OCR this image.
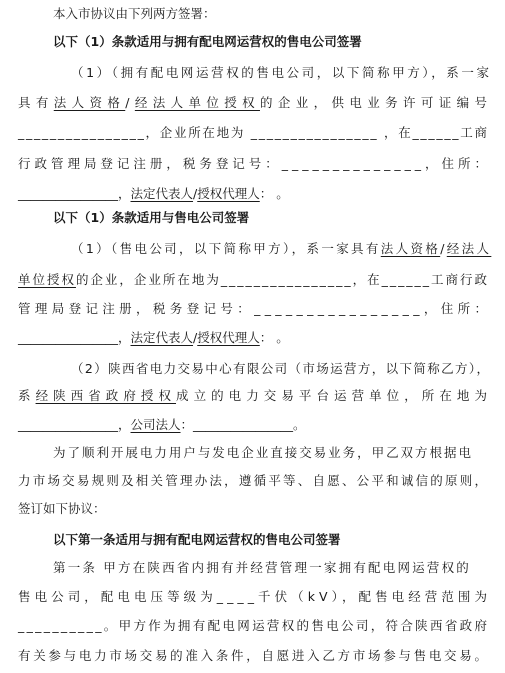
本入市协议由下列两方签署：
以下（1）条款适用与拥有配电网运营权的售电公司签署
（1）（拥有配电网运营权的售电公司，以下简称甲方），系一家
具有法人资格/经法人单位授权的企业，供电业务许可证编号
________________，企业所在地为 ________________ ，在______工商
行政管理局登记注册，税务登记号：______________，住所：
________________，法定代表人/授权代理人： 。
以下（1）条款适用与售电公司签署
（1）（售电公司，以下简称甲方），系一家具有法人资格/经法人
单位授权的企业，企业所在地为________________，在______工商行政
管理局登记注册，税务登记号：________________，住所：
________________，法定代表人/授权代理人： 。
（2）陕西省电力交易中心有限公司（市场运营方，以下简称乙方），
系经陕西省政府授权成立的电力交易平台运营单位，所在地为
________________，公司法人：________________。
为了顺利开展电力用户与发电企业直接交易业务，甲乙双方根据电
力市场交易规则及相关管理办法，遵循平等、自愿、公平和诚信的原则，
签订如下协议：
以下第一条适用与拥有配电网运营权的售电公司签署
第一条 甲方在陕西省内拥有并经营管理一家拥有配电网运营权的
售电公司，配电电压等级为____千伏（kV），配售电经营范围为
__________。甲方作为拥有配电网运营权的售电公司，符合陕西省政府
有关参与电力市场交易的准入条件，自愿进入乙方市场参与售电交易。
